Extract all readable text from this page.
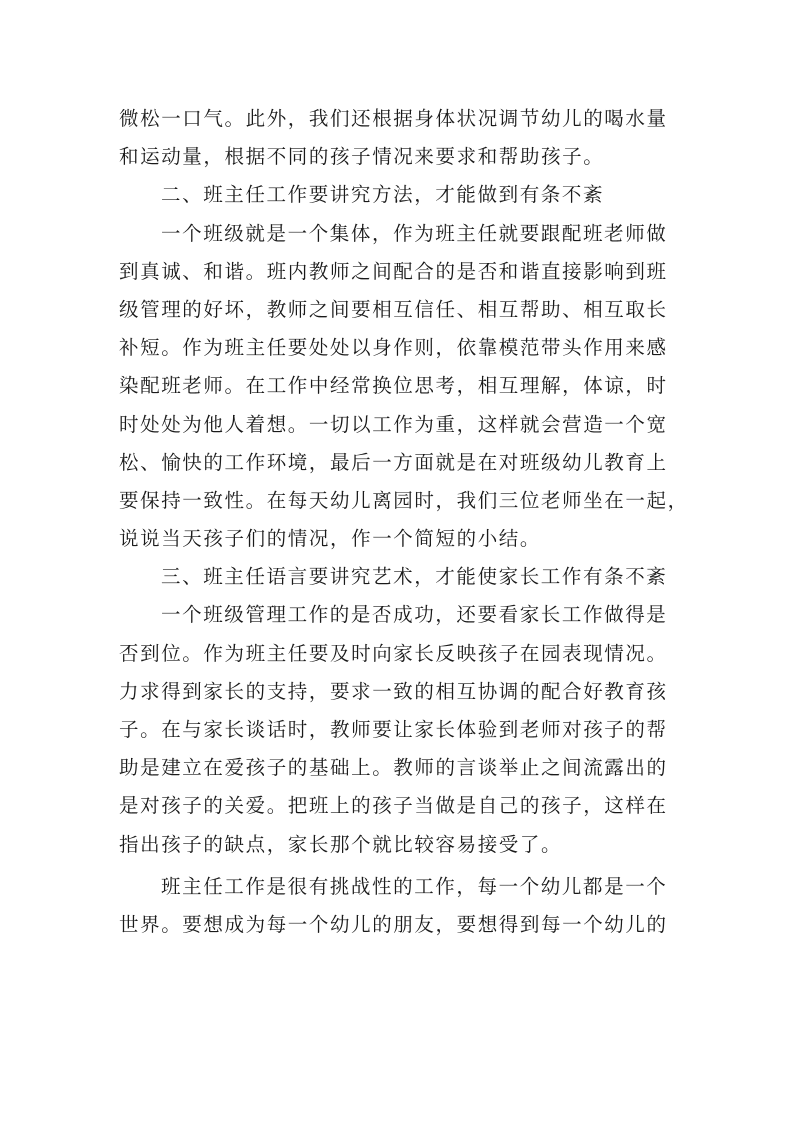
微松一口气。此外，我们还根据身体状况调节幼儿的喝水量
和运动量，根据不同的孩子情况来要求和帮助孩子。
二、班主任工作要讲究方法，才能做到有条不紊
一个班级就是一个集体，作为班主任就要跟配班老师做
到真诚、和谐。班内教师之间配合的是否和谐直接影响到班
级管理的好坏，教师之间要相互信任、相互帮助、相互取长
补短。作为班主任要处处以身作则，依靠模范带头作用来感
染配班老师。在工作中经常换位思考，相互理解，体谅，时
时处处为他人着想。一切以工作为重，这样就会营造一个宽
松、愉快的工作环境，最后一方面就是在对班级幼儿教育上
要保持一致性。在每天幼儿离园时，我们三位老师坐在一起，
说说当天孩子们的情况，作一个简短的小结。
三、班主任语言要讲究艺术，才能使家长工作有条不紊
一个班级管理工作的是否成功，还要看家长工作做得是
否到位。作为班主任要及时向家长反映孩子在园表现情况。
力求得到家长的支持，要求一致的相互协调的配合好教育孩
子。在与家长谈话时，教师要让家长体验到老师对孩子的帮
助是建立在爱孩子的基础上。教师的言谈举止之间流露出的
是对孩子的关爱。把班上的孩子当做是自己的孩子，这样在
指出孩子的缺点，家长那个就比较容易接受了。
班主任工作是很有挑战性的工作，每一个幼儿都是一个
世界。要想成为每一个幼儿的朋友，要想得到每一个幼儿的
